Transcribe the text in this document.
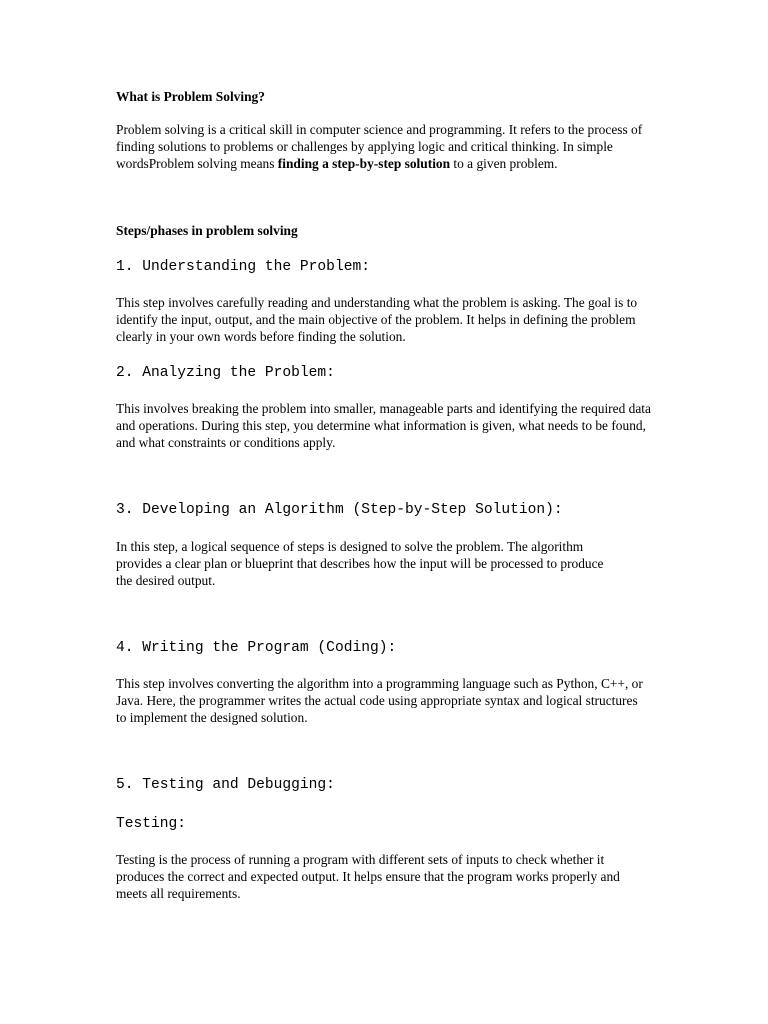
What is Problem Solving?

Problem solving is a critical skill in computer science and programming. It refers to the process of finding solutions to problems or challenges by applying logic and critical thinking. In simple wordsProblem solving means finding a step-by-step solution to a given problem.

Steps/phases in problem solving

1. Understanding the Problem:

This step involves carefully reading and understanding what the problem is asking. The goal is to identify the input, output, and the main objective of the problem. It helps in defining the problem clearly in your own words before finding the solution.

2. Analyzing the Problem:

This involves breaking the problem into smaller, manageable parts and identifying the required data and operations. During this step, you determine what information is given, what needs to be found, and what constraints or conditions apply.

3. Developing an Algorithm (Step-by-Step Solution):

In this step, a logical sequence of steps is designed to solve the problem. The algorithm provides a clear plan or blueprint that describes how the input will be processed to produce the desired output.

4. Writing the Program (Coding):

This step involves converting the algorithm into a programming language such as Python, C++, or Java. Here, the programmer writes the actual code using appropriate syntax and logical structures to implement the designed solution.

5. Testing and Debugging:

Testing:

Testing is the process of running a program with different sets of inputs to check whether it produces the correct and expected output. It helps ensure that the program works properly and meets all requirements.
